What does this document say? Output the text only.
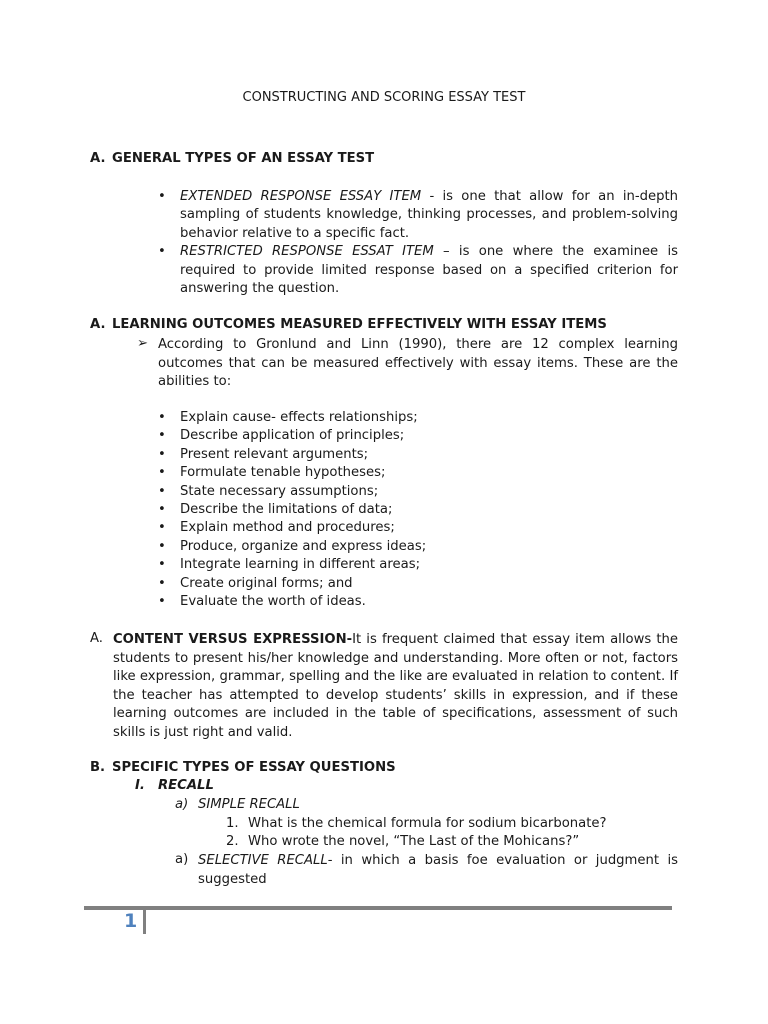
CONSTRUCTING AND SCORING ESSAY TEST
A. GENERAL TYPES OF AN ESSAY TEST
• EXTENDED RESPONSE ESSAY ITEM - is one that allow for an in-depth sampling of students knowledge, thinking processes, and problem-solving behavior relative to a specific fact.
• RESTRICTED RESPONSE ESSAT ITEM – is one where the examinee is required to provide limited response based on a specified criterion for answering the question.
A. LEARNING OUTCOMES MEASURED EFFECTIVELY WITH ESSAY ITEMS
➢ According to Gronlund and Linn (1990), there are 12 complex learning outcomes that can be measured effectively with essay items. These are the abilities to:
• Explain cause- effects relationships;
• Describe application of principles;
• Present relevant arguments;
• Formulate tenable hypotheses;
• State necessary assumptions;
• Describe the limitations of data;
• Explain method and procedures;
• Produce, organize and express ideas;
• Integrate learning in different areas;
• Create original forms; and
• Evaluate the worth of ideas.
A. CONTENT VERSUS EXPRESSION-It is frequent claimed that essay item allows the students to present his/her knowledge and understanding. More often or not, factors like expression, grammar, spelling and the like are evaluated in relation to content. If the teacher has attempted to develop students’ skills in expression, and if these learning outcomes are included in the table of specifications, assessment of such skills is just right and valid.
B. SPECIFIC TYPES OF ESSAY QUESTIONS
I. RECALL
a) SIMPLE RECALL
1. What is the chemical formula for sodium bicarbonate?
2. Who wrote the novel, “The Last of the Mohicans?”
a) SELECTIVE RECALL- in which a basis foe evaluation or judgment is suggested
1
